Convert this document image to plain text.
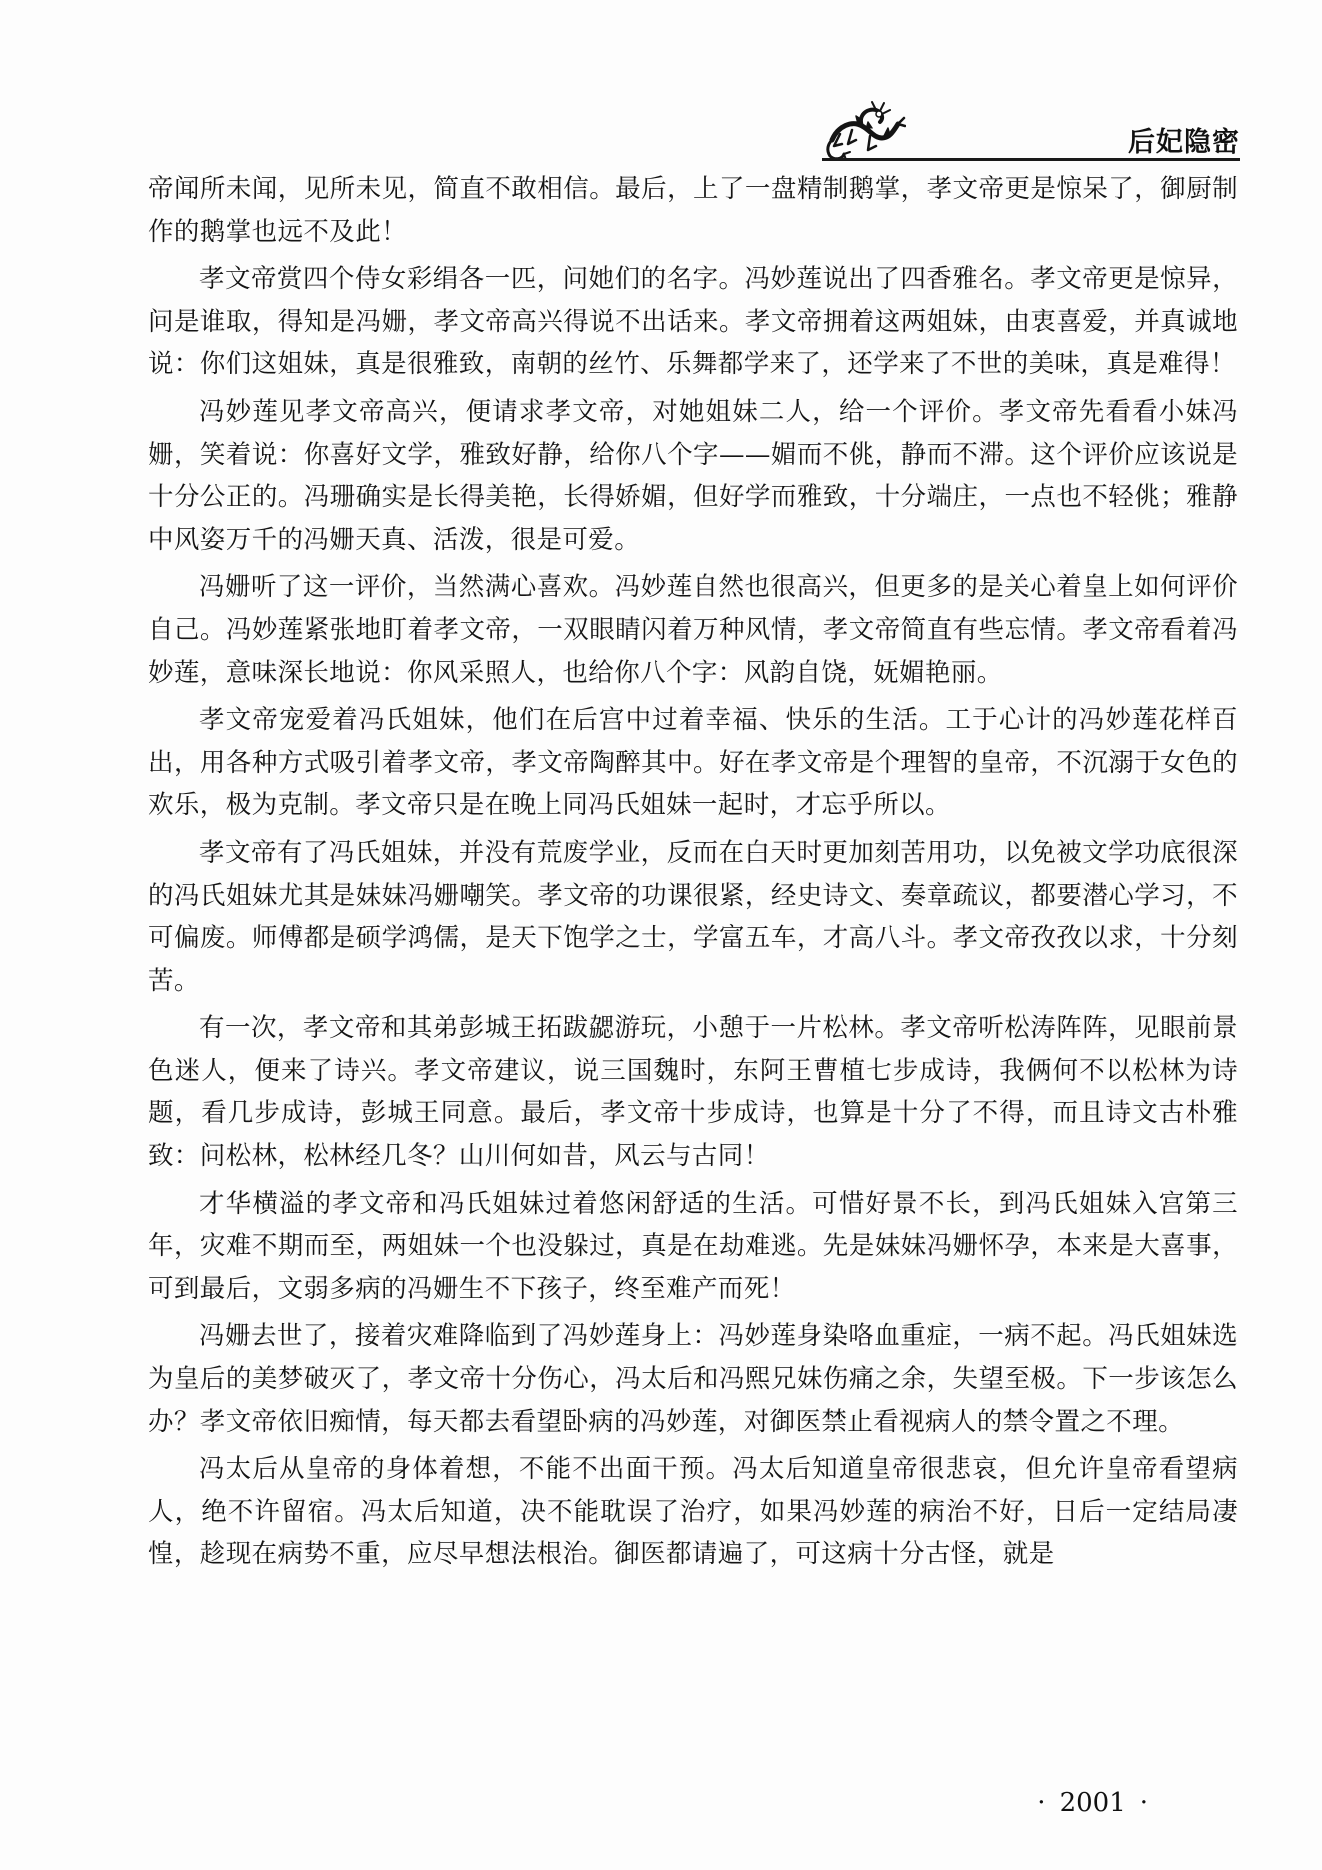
后妃隐密

帝闻所未闻，见所未见，简直不敢相信。最后，上了一盘精制鹅掌，孝文帝更是惊呆了，御厨制作的鹅掌也远不及此！

孝文帝赏四个侍女彩绢各一匹，问她们的名字。冯妙莲说出了四香雅名。孝文帝更是惊异，问是谁取，得知是冯姗，孝文帝高兴得说不出话来。孝文帝拥着这两姐妹，由衷喜爱，并真诚地说：你们这姐妹，真是很雅致，南朝的丝竹、乐舞都学来了，还学来了不世的美味，真是难得！

冯妙莲见孝文帝高兴，便请求孝文帝，对她姐妹二人，给一个评价。孝文帝先看看小妹冯姗，笑着说：你喜好文学，雅致好静，给你八个字——媚而不佻，静而不滞。这个评价应该说是十分公正的。冯珊确实是长得美艳，长得娇媚，但好学而雅致，十分端庄，一点也不轻佻；雅静中风姿万千的冯姗天真、活泼，很是可爱。

冯姗听了这一评价，当然满心喜欢。冯妙莲自然也很高兴，但更多的是关心着皇上如何评价自己。冯妙莲紧张地盯着孝文帝，一双眼睛闪着万种风情，孝文帝简直有些忘情。孝文帝看着冯妙莲，意味深长地说：你风采照人，也给你八个字：风韵自饶，妩媚艳丽。

孝文帝宠爱着冯氏姐妹，他们在后宫中过着幸福、快乐的生活。工于心计的冯妙莲花样百出，用各种方式吸引着孝文帝，孝文帝陶醉其中。好在孝文帝是个理智的皇帝，不沉溺于女色的欢乐，极为克制。孝文帝只是在晚上同冯氏姐妹一起时，才忘乎所以。

孝文帝有了冯氏姐妹，并没有荒废学业，反而在白天时更加刻苦用功，以免被文学功底很深的冯氏姐妹尤其是妹妹冯姗嘲笑。孝文帝的功课很紧，经史诗文、奏章疏议，都要潜心学习，不可偏废。师傅都是硕学鸿儒，是天下饱学之士，学富五车，才高八斗。孝文帝孜孜以求，十分刻苦。

有一次，孝文帝和其弟彭城王拓跋勰游玩，小憩于一片松林。孝文帝听松涛阵阵，见眼前景色迷人，便来了诗兴。孝文帝建议，说三国魏时，东阿王曹植七步成诗，我俩何不以松林为诗题，看几步成诗，彭城王同意。最后，孝文帝十步成诗，也算是十分了不得，而且诗文古朴雅致：问松林，松林经几冬？山川何如昔，风云与古同！

才华横溢的孝文帝和冯氏姐妹过着悠闲舒适的生活。可惜好景不长，到冯氏姐妹入宫第三年，灾难不期而至，两姐妹一个也没躲过，真是在劫难逃。先是妹妹冯姗怀孕，本来是大喜事，可到最后，文弱多病的冯姗生不下孩子，终至难产而死！

冯姗去世了，接着灾难降临到了冯妙莲身上：冯妙莲身染咯血重症，一病不起。冯氏姐妹选为皇后的美梦破灭了，孝文帝十分伤心，冯太后和冯熙兄妹伤痛之余，失望至极。下一步该怎么办？孝文帝依旧痴情，每天都去看望卧病的冯妙莲，对御医禁止看视病人的禁令置之不理。

冯太后从皇帝的身体着想，不能不出面干预。冯太后知道皇帝很悲哀，但允许皇帝看望病人，绝不许留宿。冯太后知道，决不能耽误了治疗，如果冯妙莲的病治不好，日后一定结局凄惶，趁现在病势不重，应尽早想法根治。御医都请遍了，可这病十分古怪，就是

· 2001 ·
